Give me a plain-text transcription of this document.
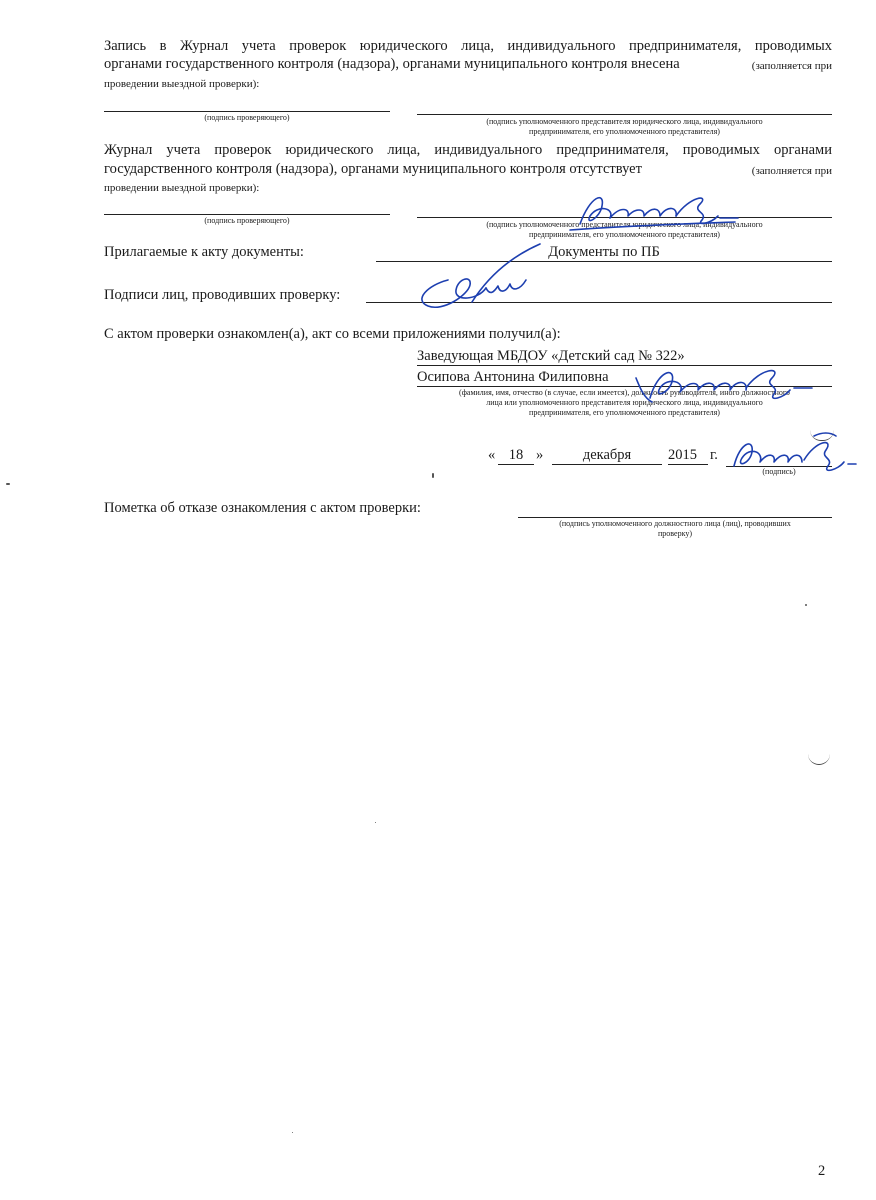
Запись в Журнал учета проверок юридического лица, индивидуального предпринимателя, проводимых
органами государственного контроля (надзора), органами муниципального контроля внесена	(заполняется при
проведении выездной проверки):
(подпись проверяющего)	(подпись уполномоченного представителя юридического лица, индивидуального
предпринимателя, его уполномоченного представителя)
Журнал учета проверок юридического лица, индивидуального предпринимателя, проводимых органами
государственного контроля (надзора), органами муниципального контроля отсутствует	(заполняется при
проведении выездной проверки):
(подпись проверяющего)	(подпись уполномоченного представителя юридического лица, индивидуального
предпринимателя, его уполномоченного представителя)
Прилагаемые к акту документы:	Документы по ПБ
Подписи лиц, проводивших проверку:
С актом проверки ознакомлен(а), акт со всеми приложениями получил(а):
Заведующая МБДОУ «Детский сад № 322»
Осипова Антонина Филиповна
(фамилия, имя, отчество (в случае, если имеется), должность руководителя, иного должностного
лица или уполномоченного представителя юридического лица, индивидуального
предпринимателя, его уполномоченного представителя)
« 18 »	декабря	2015 г.
(подпись)
Пометка об отказе ознакомления с актом проверки:
(подпись уполномоченного должностного лица (лиц), проводивших
проверку)
2
